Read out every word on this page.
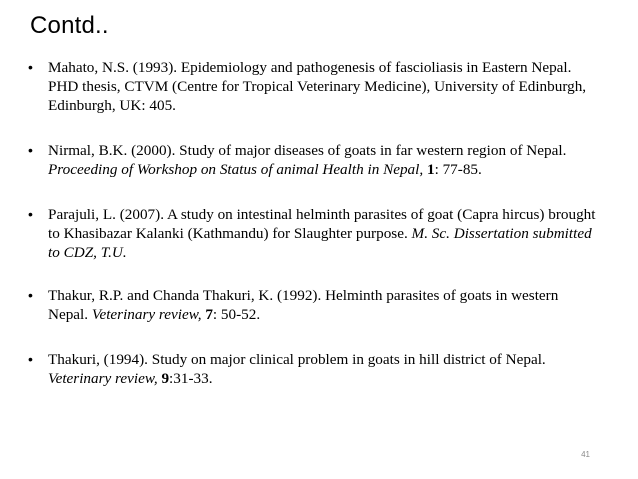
Contd..
• Mahato, N.S. (1993). Epidemiology and pathogenesis of fascioliasis in Eastern Nepal. PHD thesis, CTVM (Centre for Tropical Veterinary Medicine), University of Edinburgh, Edinburgh, UK: 405.
• Nirmal, B.K. (2000). Study of major diseases of goats in far western region of Nepal. Proceeding of Workshop on Status of animal Health in Nepal, 1: 77-85.
• Parajuli, L. (2007). A study on intestinal helminth parasites of goat (Capra hircus) brought to Khasibazar Kalanki (Kathmandu) for Slaughter purpose. M. Sc. Dissertation submitted to CDZ, T.U.
• Thakur, R.P. and Chanda Thakuri, K. (1992). Helminth parasites of goats in western Nepal. Veterinary review, 7: 50-52.
• Thakuri, (1994). Study on major clinical problem in goats in hill district of Nepal. Veterinary review, 9:31-33.
41
